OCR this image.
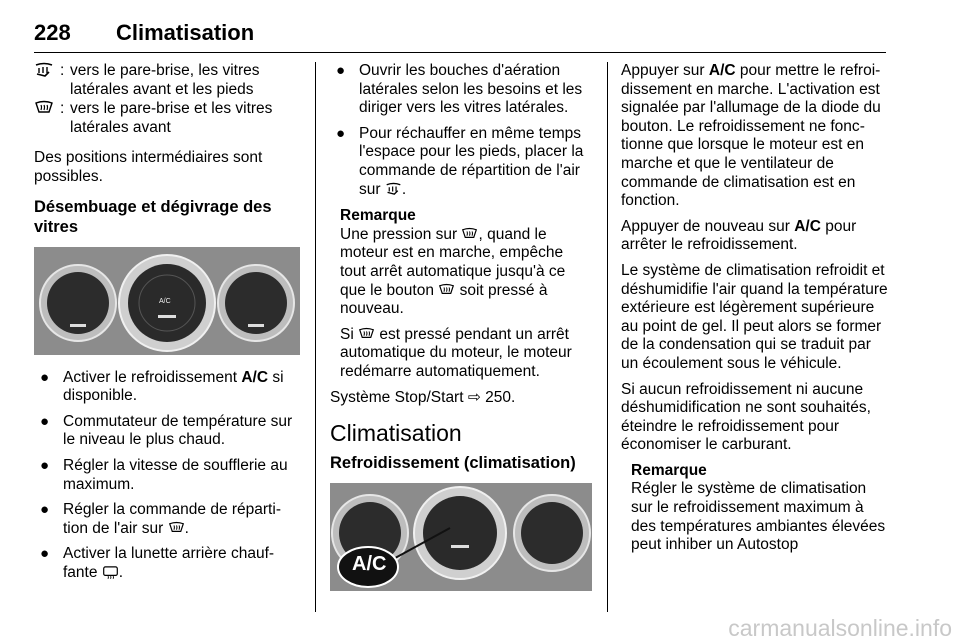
228 Climatisation
: vers le pare-brise, les vitres latérales avant et les pieds
: vers le pare-brise et les vitres latérales avant

Des positions intermédiaires sont possibles.

Désembuage et dégivrage des vitres
A/C
● Activer le refroidissement A/C si disponible.
● Commutateur de température sur le niveau le plus chaud.
● Régler la vitesse de soufflerie au maximum.
● Régler la commande de répartition de l'air sur .
● Activer la lunette arrière chauffante .
● Ouvrir les bouches d'aération latérales selon les besoins et les diriger vers les vitres latérales.
● Pour réchauffer en même temps l'espace pour les pieds, placer la commande de répartition de l'air sur .
Remarque

Une pression sur , quand le moteur est en marche, empêche tout arrêt automatique jusqu'à ce que le bouton  soit pressé à nouveau.

Si  est pressé pendant un arrêt automatique du moteur, le moteur redémarre automatiquement.

Système Stop/Start ⇨ 250.

Climatisation
Refroidissement (climatisation)
A/C

Appuyer sur A/C pour mettre le refroidissement en marche. L'activation est signalée par l'allumage de la diode du bouton. Le refroidissement ne fonctionne que lorsque le moteur est en marche et que le ventilateur de commande de climatisation est en fonction.

Appuyer de nouveau sur A/C pour arrêter le refroidissement.

Le système de climatisation refroidit et déshumidifie l'air quand la température extérieure est légèrement supérieure au point de gel. Il peut alors se former de la condensation qui se traduit par un écoulement sous le véhicule.

Si aucun refroidissement ni aucune déshumidification ne sont souhaités, éteindre le refroidissement pour économiser le carburant.

Remarque

Régler le système de climatisation sur le refroidissement maximum à des températures ambiantes élevées peut inhiber un Autostop

carmanualsonline.info
